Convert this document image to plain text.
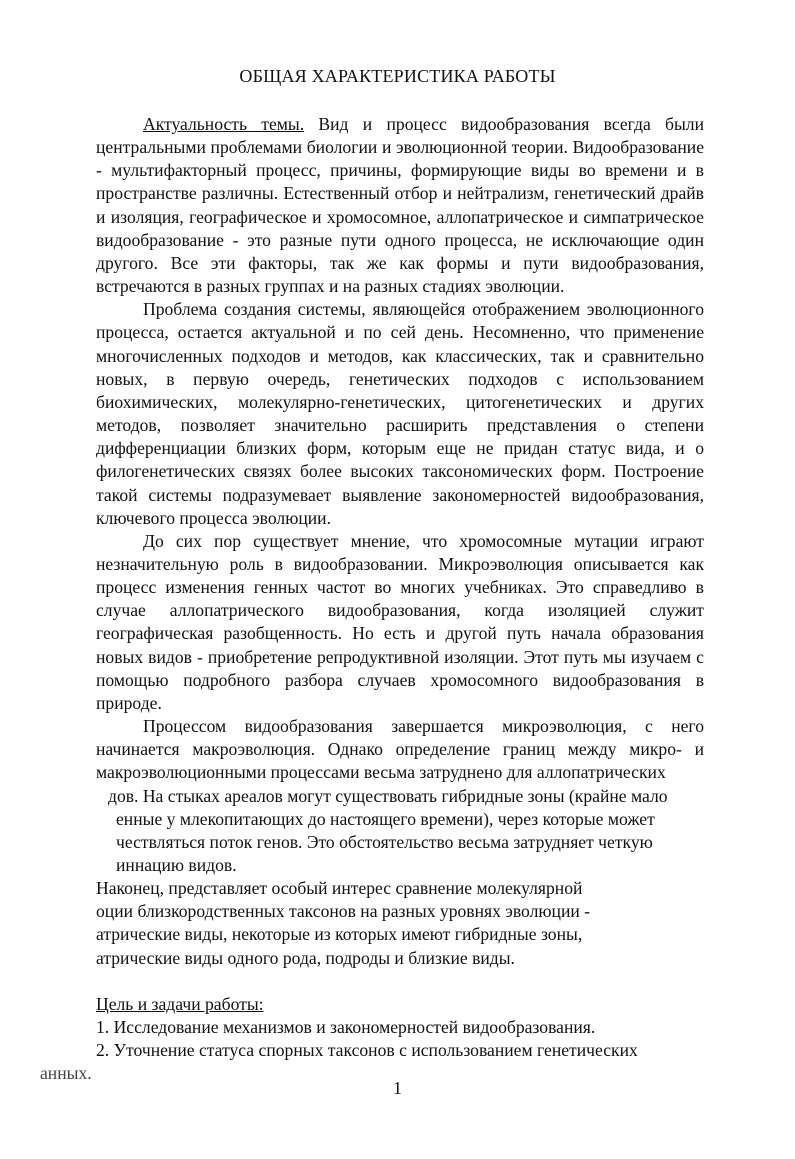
ОБЩАЯ ХАРАКТЕРИСТИКА РАБОТЫ

Актуальность темы. Вид и процесс видообразования всегда были центральными проблемами биологии и эволюционной теории. Видообразование - мультифакторный процесс, причины, формирующие виды во времени и в пространстве различны. Естественный отбор и нейтрализм, генетический драйв и изоляция, географическое и хромосомное, аллопатрическое и симпатрическое видообразование - это разные пути одного процесса, не исключающие один другого. Все эти факторы, так же как формы и пути видообразования, встречаются в разных группах и на разных стадиях эволюции.

Проблема создания системы, являющейся отображением эволюционного процесса, остается актуальной и по сей день. Несомненно, что применение многочисленных подходов и методов, как классических, так и сравнительно новых, в первую очередь, генетических подходов с использованием биохимических, молекулярно-генетических, цитогенетических и других методов, позволяет значительно расширить представления о степени дифференциации близких форм, которым еще не придан статус вида, и о филогенетических связях более высоких таксономических форм. Построение такой системы подразумевает выявление закономерностей видообразования, ключевого процесса эволюции.

До сих пор существует мнение, что хромосомные мутации играют незначительную роль в видообразовании. Микроэволюция описывается как процесс изменения генных частот во многих учебниках. Это справедливо в случае аллопатрического видообразования, когда изоляцией служит географическая разобщенность. Но есть и другой путь начала образования новых видов - приобретение репродуктивной изоляции. Этот путь мы изучаем с помощью подробного разбора случаев хромосомного видообразования в природе.

Процессом видообразования завершается микроэволюция, с него начинается макроэволюция. Однако определение границ между микро- и макроэволюционными процессами весьма затруднено для аллопатрических

дов. На стыках ареалов могут существовать гибридные зоны (крайне мало

енные у млекопитающих до настоящего времени), через которые может

чествляться поток генов. Это обстоятельство весьма затрудняет четкую

иннацию видов.

Наконец, представляет особый интерес сравнение молекулярной

оции близкородственных таксонов на разных уровнях эволюции -

атрические виды, некоторые из которых имеют гибридные зоны,

атрические виды одного рода, подроды и близкие виды.

Цель и задачи работы:

1. Исследование механизмов и закономерностей видообразования.

2. Уточнение статуса спорных таксонов с использованием генетических

анных.

1
